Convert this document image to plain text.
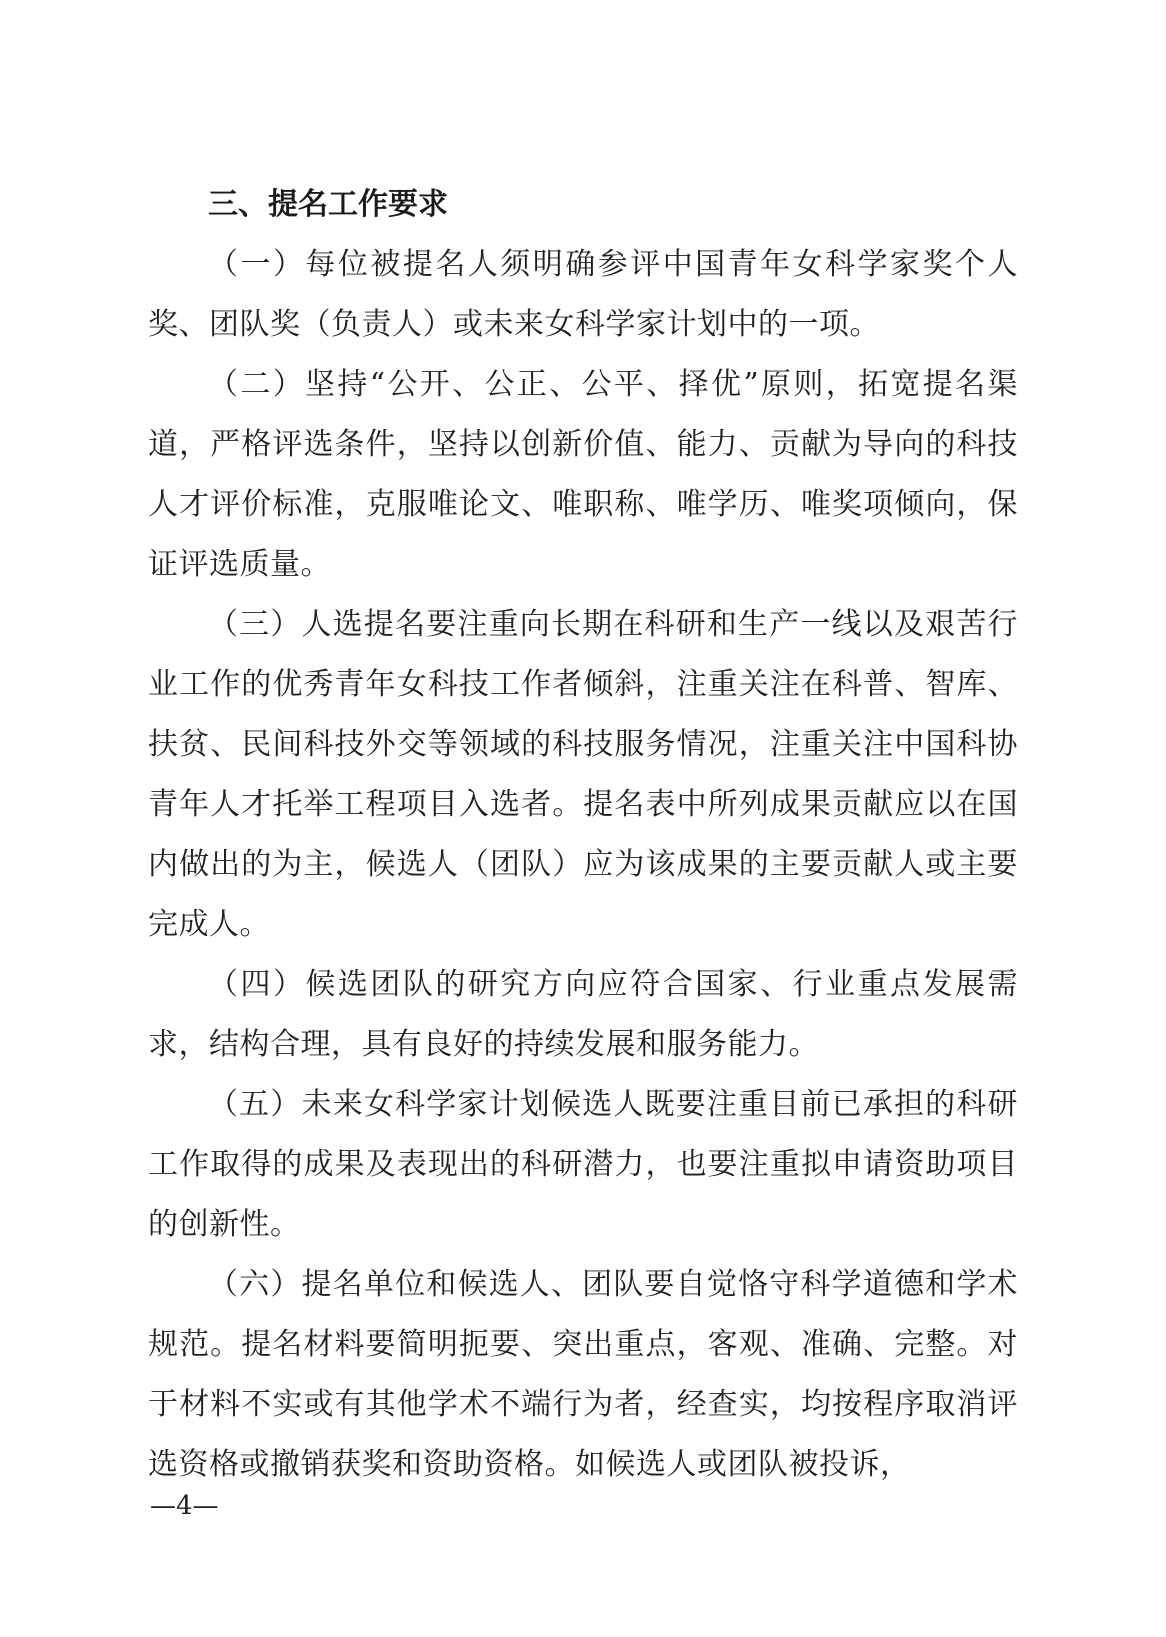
三、提名工作要求

（一）每位被提名人须明确参评中国青年女科学家奖个人奖、团队奖（负责人）或未来女科学家计划中的一项。

（二）坚持“公开、公正、公平、择优”原则，拓宽提名渠道，严格评选条件，坚持以创新价值、能力、贡献为导向的科技人才评价标准，克服唯论文、唯职称、唯学历、唯奖项倾向，保证评选质量。

（三）人选提名要注重向长期在科研和生产一线以及艰苦行业工作的优秀青年女科技工作者倾斜，注重关注在科普、智库、扶贫、民间科技外交等领域的科技服务情况，注重关注中国科协青年人才托举工程项目入选者。提名表中所列成果贡献应以在国内做出的为主，候选人（团队）应为该成果的主要贡献人或主要完成人。

（四）候选团队的研究方向应符合国家、行业重点发展需求，结构合理，具有良好的持续发展和服务能力。

（五）未来女科学家计划候选人既要注重目前已承担的科研工作取得的成果及表现出的科研潜力，也要注重拟申请资助项目的创新性。

（六）提名单位和候选人、团队要自觉恪守科学道德和学术规范。提名材料要简明扼要、突出重点，客观、准确、完整。对于材料不实或有其他学术不端行为者，经查实，均按程序取消评选资格或撤销获奖和资助资格。如候选人或团队被投诉，

—4—
